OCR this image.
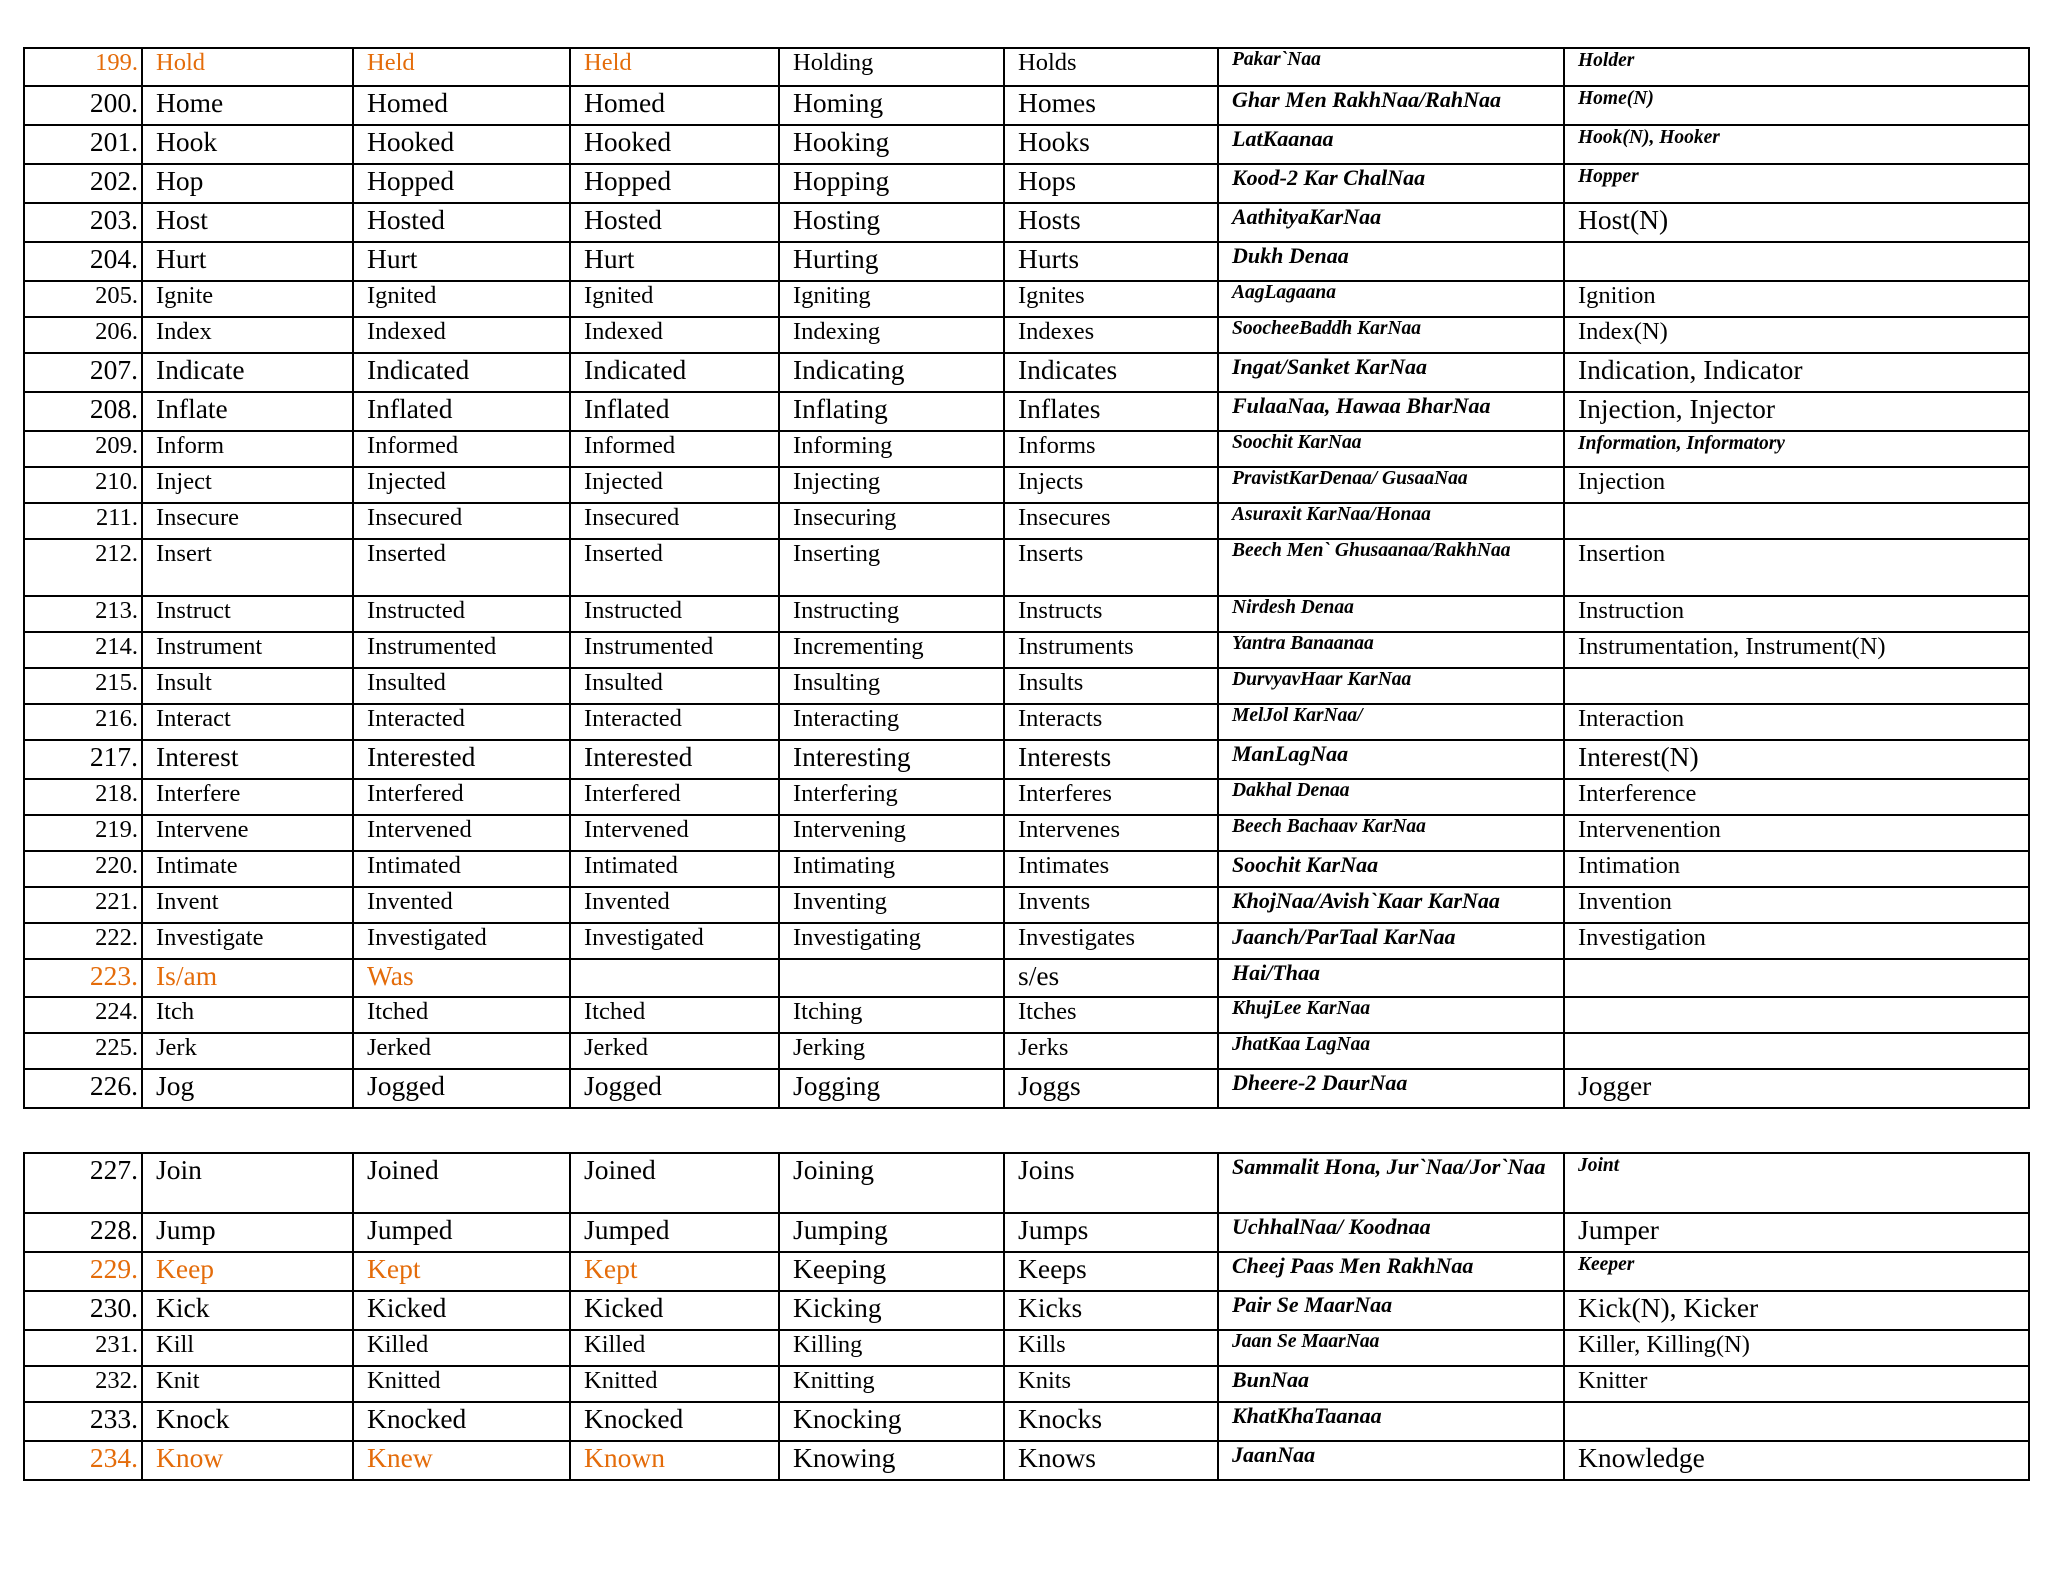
199.	Hold	Held	Held	Holding	Holds	Pakar`Naa	Holder
200.	Home	Homed	Homed	Homing	Homes	Ghar Men RakhNaa/RahNaa	Home(N)
201.	Hook	Hooked	Hooked	Hooking	Hooks	LatKaanaa	Hook(N), Hooker
202.	Hop	Hopped	Hopped	Hopping	Hops	Kood-2 Kar ChalNaa	Hopper
203.	Host	Hosted	Hosted	Hosting	Hosts	AathityaKarNaa	Host(N)
204.	Hurt	Hurt	Hurt	Hurting	Hurts	Dukh Denaa	
205.	Ignite	Ignited	Ignited	Igniting	Ignites	AagLagaana	Ignition
206.	Index	Indexed	Indexed	Indexing	Indexes	SoocheeBaddh KarNaa	Index(N)
207.	Indicate	Indicated	Indicated	Indicating	Indicates	Ingat/Sanket KarNaa	Indication, Indicator
208.	Inflate	Inflated	Inflated	Inflating	Inflates	FulaaNaa, Hawaa BharNaa	Injection, Injector
209.	Inform	Informed	Informed	Informing	Informs	Soochit KarNaa	Information, Informatory
210.	Inject	Injected	Injected	Injecting	Injects	PravistKarDenaa/ GusaaNaa	Injection
211.	Insecure	Insecured	Insecured	Insecuring	Insecures	Asuraxit KarNaa/Honaa	
212.	Insert	Inserted	Inserted	Inserting	Inserts	Beech Men` Ghusaanaa/RakhNaa	Insertion
213.	Instruct	Instructed	Instructed	Instructing	Instructs	Nirdesh Denaa	Instruction
214.	Instrument	Instrumented	Instrumented	Incrementing	Instruments	Yantra Banaanaa	Instrumentation, Instrument(N)
215.	Insult	Insulted	Insulted	Insulting	Insults	DurvyavHaar KarNaa	
216.	Interact	Interacted	Interacted	Interacting	Interacts	MelJol KarNaa/	Interaction
217.	Interest	Interested	Interested	Interesting	Interests	ManLagNaa	Interest(N)
218.	Interfere	Interfered	Interfered	Interfering	Interferes	Dakhal Denaa	Interference
219.	Intervene	Intervened	Intervened	Intervening	Intervenes	Beech Bachaav KarNaa	Intervenention
220.	Intimate	Intimated	Intimated	Intimating	Intimates	Soochit KarNaa	Intimation
221.	Invent	Invented	Invented	Inventing	Invents	KhojNaa/Avish`Kaar KarNaa	Invention
222.	Investigate	Investigated	Investigated	Investigating	Investigates	Jaanch/ParTaal KarNaa	Investigation
223.	Is/am	Was			s/es	Hai/Thaa	
224.	Itch	Itched	Itched	Itching	Itches	KhujLee KarNaa	
225.	Jerk	Jerked	Jerked	Jerking	Jerks	JhatKaa LagNaa	
226.	Jog	Jogged	Jogged	Jogging	Joggs	Dheere-2 DaurNaa	Jogger
227.	Join	Joined	Joined	Joining	Joins	Sammalit Hona, Jur`Naa/Jor`Naa	Joint
228.	Jump	Jumped	Jumped	Jumping	Jumps	UchhalNaa/ Koodnaa	Jumper
229.	Keep	Kept	Kept	Keeping	Keeps	Cheej Paas Men RakhNaa	Keeper
230.	Kick	Kicked	Kicked	Kicking	Kicks	Pair Se MaarNaa	Kick(N), Kicker
231.	Kill	Killed	Killed	Killing	Kills	Jaan Se MaarNaa	Killer, Killing(N)
232.	Knit	Knitted	Knitted	Knitting	Knits	BunNaa	Knitter
233.	Knock	Knocked	Knocked	Knocking	Knocks	KhatKhaTaanaa	
234.	Know	Knew	Known	Knowing	Knows	JaanNaa	Knowledge
